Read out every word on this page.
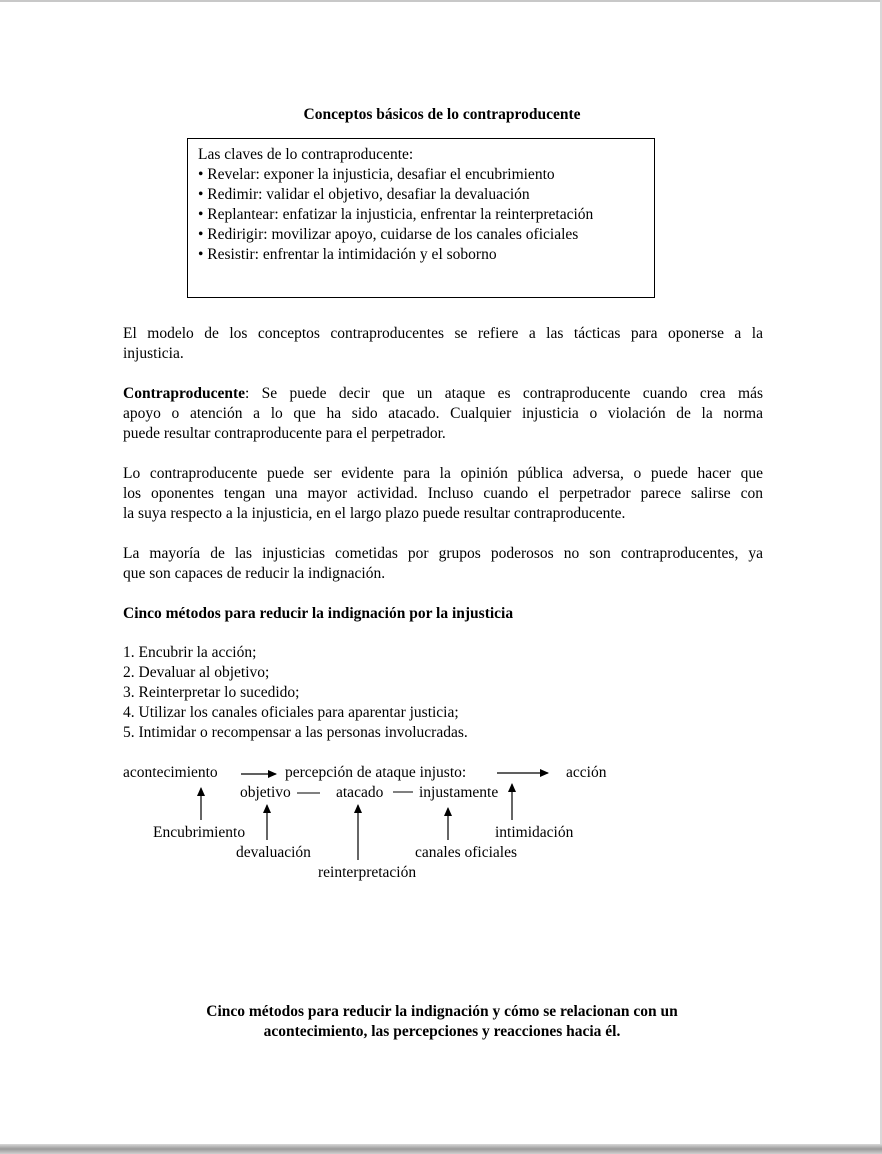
Conceptos básicos de lo contraproducente
Las claves de lo contraproducente:
• Revelar: exponer la injusticia, desafiar el encubrimiento
• Redimir: validar el objetivo, desafiar la devaluación
• Replantear: enfatizar la injusticia, enfrentar la reinterpretación
• Redirigir: movilizar apoyo, cuidarse de los canales oficiales
• Resistir: enfrentar la intimidación y el soborno
El modelo de los conceptos contraproducentes se refiere a las tácticas para oponerse a la
injusticia.
Contraproducente: Se puede decir que un ataque es contraproducente cuando crea más
apoyo o atención a lo que ha sido atacado. Cualquier injusticia o violación de la norma
puede resultar contraproducente para el perpetrador.
Lo contraproducente puede ser evidente para la opinión pública adversa, o puede hacer que
los oponentes tengan una mayor actividad. Incluso cuando el perpetrador parece salirse con
la suya respecto a la injusticia, en el largo plazo puede resultar contraproducente.
La mayoría de las injusticias cometidas por grupos poderosos no son contraproducentes, ya
que son capaces de reducir la indignación.
Cinco métodos para reducir la indignación por la injusticia
1. Encubrir la acción;
2. Devaluar al objetivo;
3. Reinterpretar lo sucedido;
4. Utilizar los canales oficiales para aparentar justicia;
5. Intimidar o recompensar a las personas involucradas.
acontecimiento	percepción de ataque injusto:	acción
objetivo	atacado injustamente
Encubrimiento	intimidación
devaluación	canales oficiales
reinterpretación
Cinco métodos para reducir la indignación y cómo se relacionan con un
acontecimiento, las percepciones y reacciones hacia él.
